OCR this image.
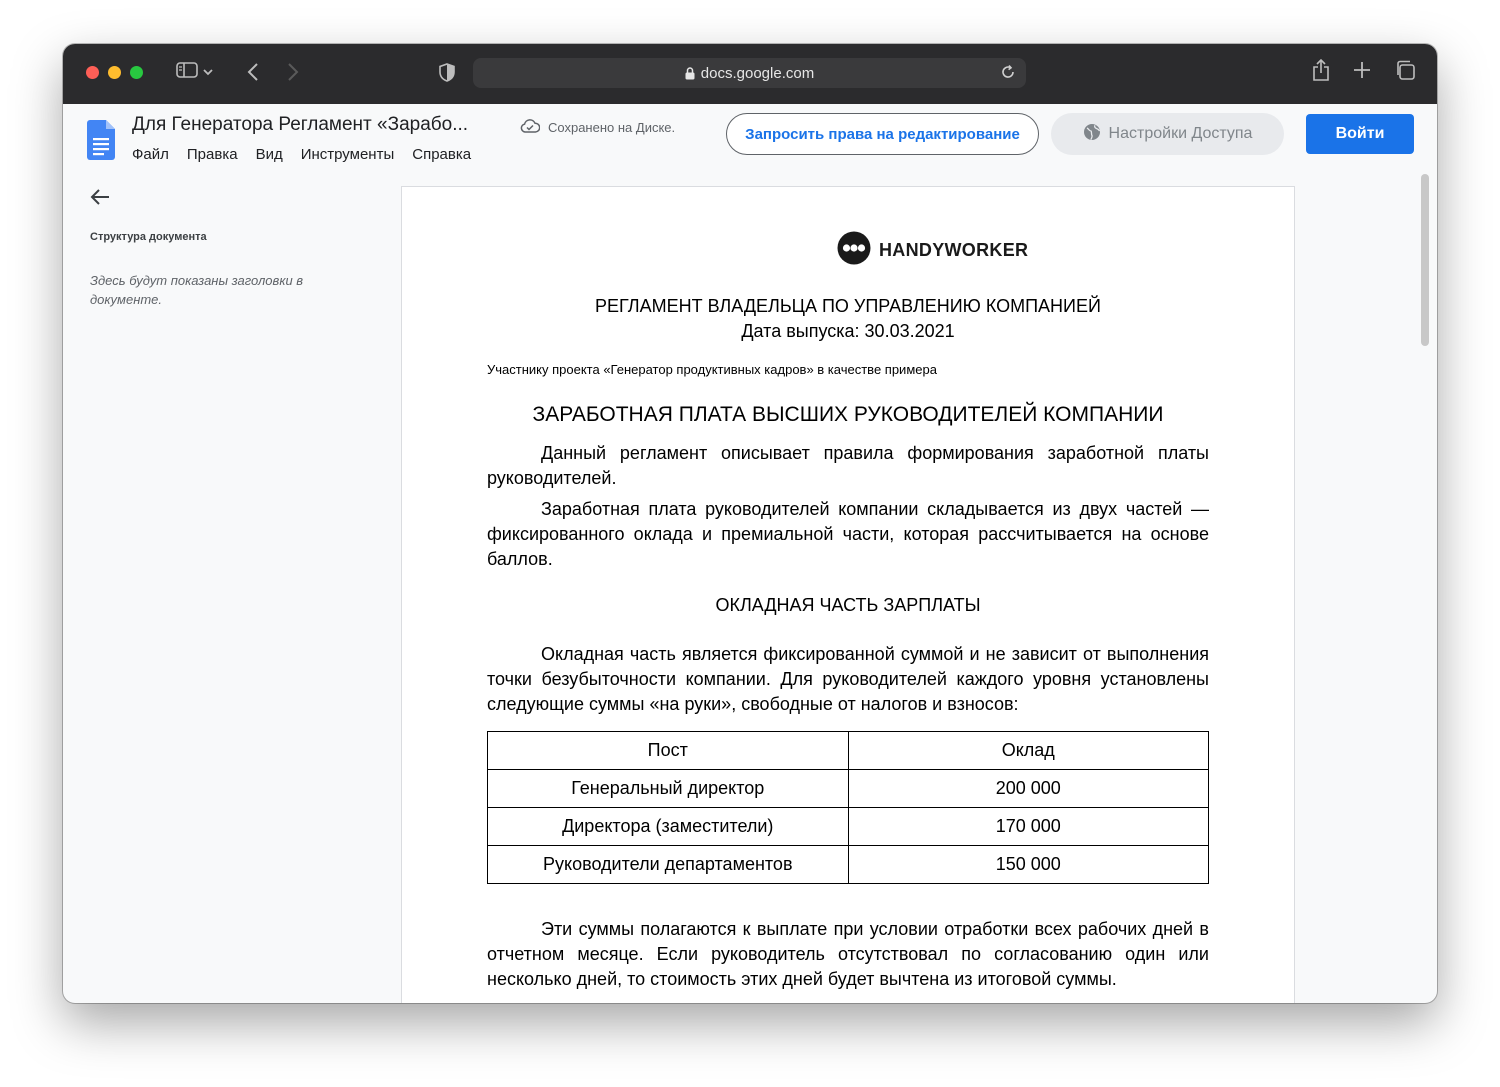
docs.google.com
Для Генератора Регламент «Зарабо...	Сохранено на Диске.
Файл Правка Вид Инструменты Справка
Запросить права на редактирование	Настройки Доступа	Войти
Структура документа
Здесь будут показаны заголовки в документе.
HANDYWORKER
РЕГЛАМЕНТ ВЛАДЕЛЬЦА ПО УПРАВЛЕНИЮ КОМПАНИЕЙ
Дата выпуска: 30.03.2021
Участнику проекта «Генератор продуктивных кадров» в качестве примера
ЗАРАБОТНАЯ ПЛАТА ВЫСШИХ РУКОВОДИТЕЛЕЙ КОМПАНИИ

Данный регламент описывает правила формирования заработной платы руководителей.

Заработная плата руководителей компании складывается из двух частей — фиксированного оклада и премиальной части, которая рассчитывается на основе баллов.

ОКЛАДНАЯ ЧАСТЬ ЗАРПЛАТЫ

Окладная часть является фиксированной суммой и не зависит от выполнения точки безубыточности компании. Для руководителей каждого уровня установлены следующие суммы «на руки», свободные от налогов и взносов:

Пост	Оклад
Генеральный директор	200 000
Директора (заместители)	170 000
Руководители департаментов	150 000

Эти суммы полагаются к выплате при условии отработки всех рабочих дней в отчетном месяце. Если руководитель отсутствовал по согласованию один или несколько дней, то стоимость этих дней будет вычтена из итоговой суммы.
